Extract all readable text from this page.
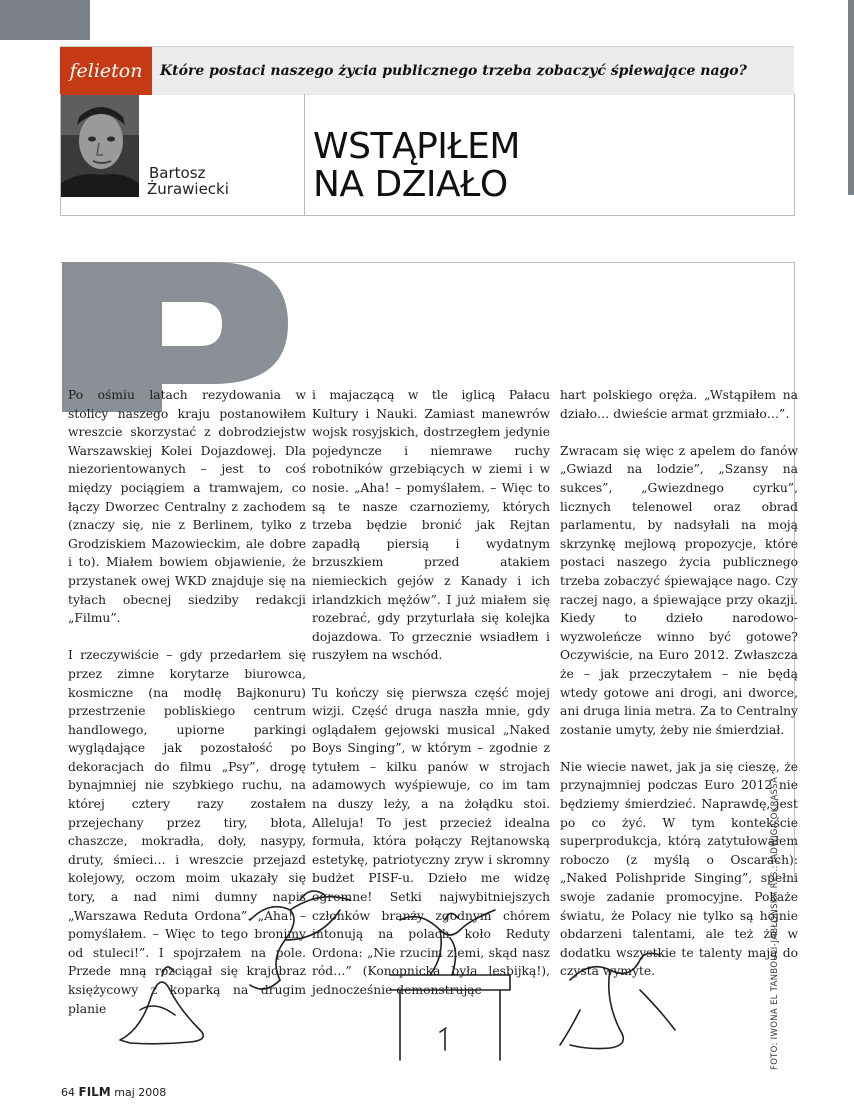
felieton	Które postaci naszego życia publicznego trzeba zobaczyć śpiewające nago?
Bartosz
Żurawiecki
WSTĄPIŁEM
NA DZIAŁO

Po ośmiu latach rezydowania w stolicy naszego kraju postanowiłem wreszcie skorzystać z dobrodziejstw Warszawskiej Kolei Dojazdowej. Dla niezorientowanych – jest to coś między pociągiem a tramwajem, co łączy Dworzec Centralny z zachodem (znaczy się, nie z Berlinem, tylko z Grodziskiem Mazowieckim, ale dobre i to). Miałem bowiem objawienie, że przystanek owej WKD znajduje się na tyłach obecnej siedziby redakcji „Filmu”.

I rzeczywiście – gdy przedarłem się przez zimne korytarze biurowca, kosmiczne (na modłę Bajkonuru) przestrzenie pobliskiego centrum handlowego, upiorne parkingi wyglądające jak pozostałość po dekoracjach do filmu „Psy”, drogę bynajmniej nie szybkiego ruchu, na której cztery razy zostałem przejechany przez tiry, błota, chaszcze, mokradła, doły, nasypy, druty, śmieci… i wreszcie przejazd kolejowy, oczom moim ukazały się tory, a nad nimi dumny napis „Warszawa Reduta Ordona”. „Aha! – pomyślałem. – Więc to tego bronimy od stuleci!”. I spojrzałem na pole. Przede mną rozciągał się krajobraz księżycowy z koparką na drugim planie

i majaczącą w tle iglicą Pałacu Kultury i Nauki. Zamiast manewrów wojsk rosyjskich, dostrzegłem jedynie pojedyncze i niemrawe ruchy robotników grzebiących w ziemi i w nosie. „Aha! – pomyślałem. – Więc to są te nasze czarnoziemy, których trzeba będzie bronić jak Rejtan zapadłą piersią i wydatnym brzuszkiem przed atakiem niemieckich gejów z Kanady i ich irlandzkich mężów”. I już miałem się rozebrać, gdy przyturlała się kolejka dojazdowa. To grzecznie wsiadłem i ruszyłem na wschód.

Tu kończy się pierwsza część mojej wizji. Część druga naszła mnie, gdy oglądałem gejowski musical „Naked Boys Singing”, w którym – zgodnie z tytułem – kilku panów w strojach adamowych wyśpiewuje, co im tam na duszy leży, a na żołądku stoi. Alleluja! To jest przecież idealna formuła, która połączy Rejtanowską estetykę, patriotyczny zryw i skromny budżet PISF-u. Dzieło me widzę ogromne! Setki najwybitniejszych członków branży zgodnym chórem intonują na polach koło Reduty Ordona: „Nie rzucim ziemi, skąd nasz ród…” (Konopnicka była lesbijką!), jednocześnie demonstrując

hart polskiego oręża. „Wstąpiłem na działo… dwieście armat grzmiało…”.

Zwracam się więc z apelem do fanów „Gwiazd na lodzie”, „Szansy na sukces”, „Gwiezdnego cyrku”, licznych telenowel oraz obrad parlamentu, by nadsyłali na moją skrzynkę mejlową propozycje, które postaci naszego życia publicznego trzeba zobaczyć śpiewające nago. Czy raczej nago, a śpiewające przy okazji. Kiedy to dzieło narodowo-wyzwoleńcze winno być gotowe? Oczywiście, na Euro 2012. Zwłaszcza że – jak przeczytałem – nie będą wtedy gotowe ani drogi, ani dworce, ani druga linia metra. Za to Centralny zostanie umyty, żeby nie śmierdział.

Nie wiecie nawet, jak ja się cieszę, że przynajmniej podczas Euro 2012 nie będziemy śmierdzieć. Naprawdę, jest po co żyć. W tym kontekście superprodukcja, którą zatytułowałem roboczo (z myślą o Oscarach): „Naked Polishpride Singing”, spełni swoje zadanie promocyjne. Pokaże światu, że Polacy nie tylko są hojnie obdarzeni talentami, ale też że w dodatku wszystkie te talenty mają do czysta wymyte.	FOTO: IWONA EL TANBOULI-JABŁOŃSKA RYS.: JADWIGA OKRASSA
64 FILM maj 2008
